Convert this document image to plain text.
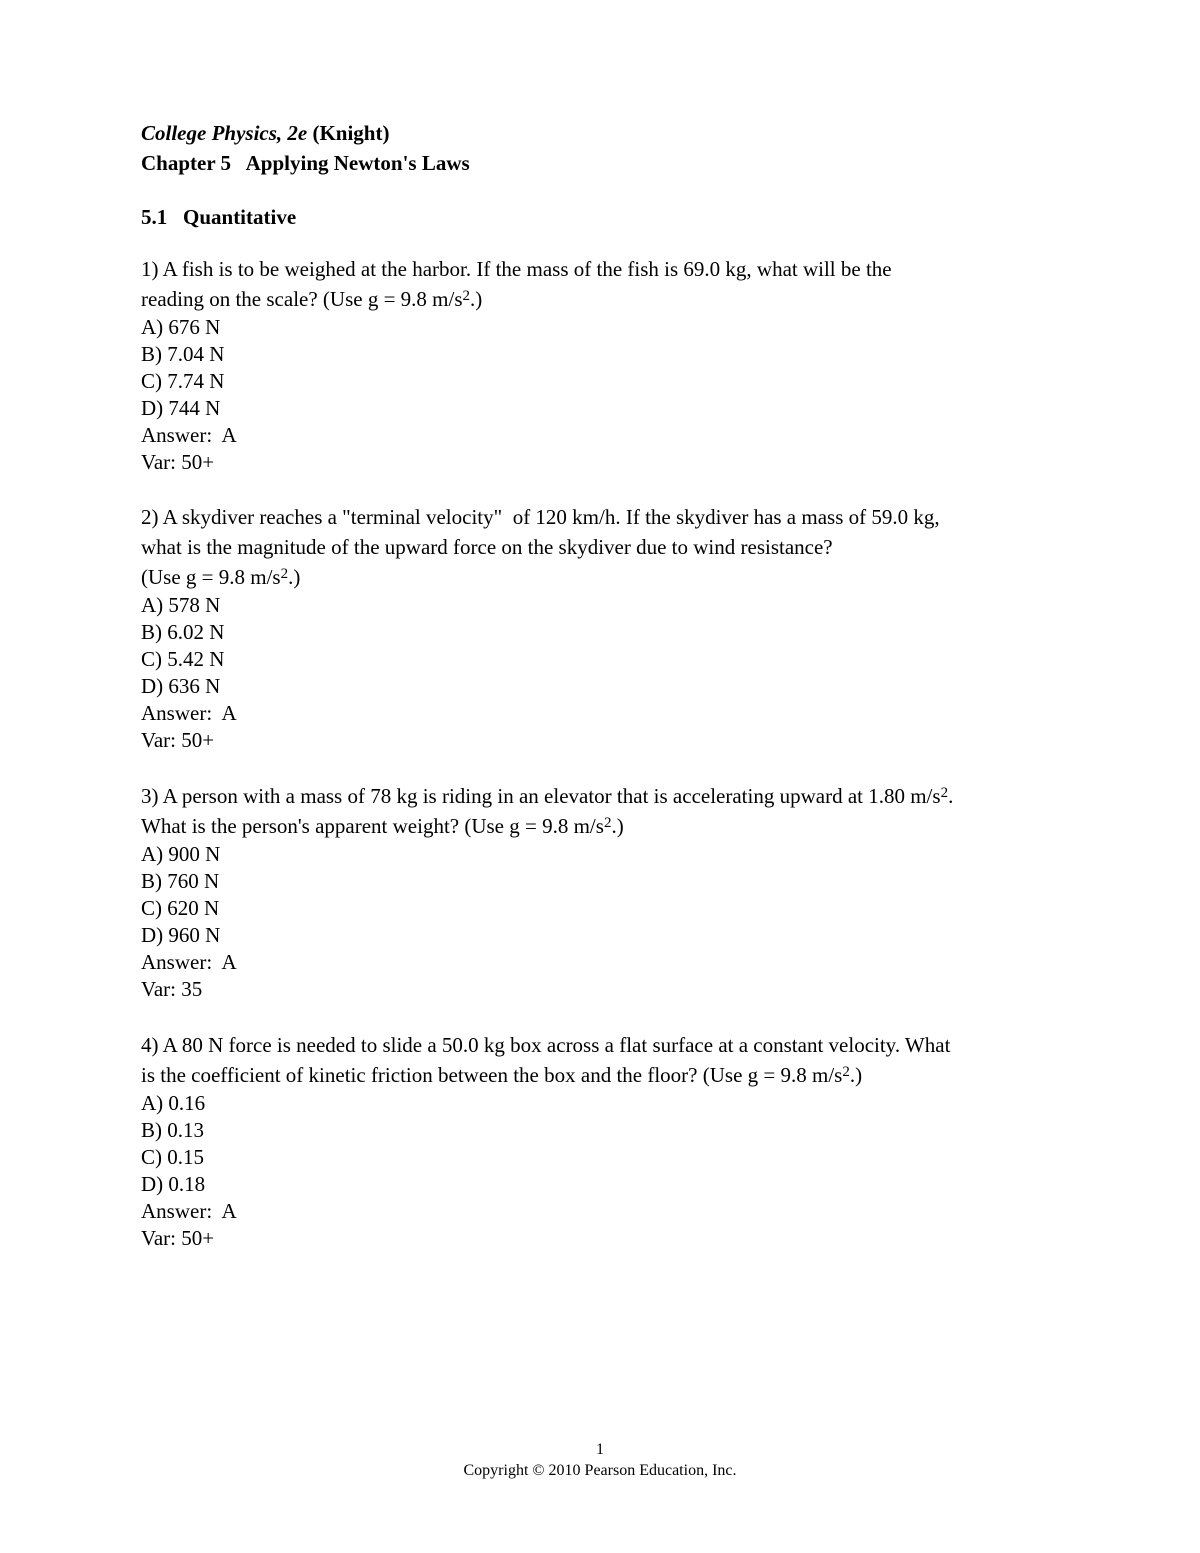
College Physics, 2e (Knight)
Chapter 5   Applying Newton's Laws
5.1   Quantitative
1) A fish is to be weighed at the harbor. If the mass of the fish is 69.0 kg, what will be the
reading on the scale? (Use g = 9.8 $m/s^2$.)
A) 676 N
B) 7.04 N
C) 7.74 N
D) 744 N
Answer:  A
Var: 50+
2) A skydiver reaches a "terminal velocity"  of 120 km/h. If the skydiver has a mass of 59.0 kg,
what is the magnitude of the upward force on the skydiver due to wind resistance?
(Use g = 9.8 $m/s^2$.)
A) 578 N
B) 6.02 N
C) 5.42 N
D) 636 N
Answer:  A
Var: 50+
3) A person with a mass of 78 kg is riding in an elevator that is accelerating upward at 1.80 $m/s^2$.
What is the person's apparent weight? (Use g = 9.8 $m/s^2$.)
A) 900 N
B) 760 N
C) 620 N
D) 960 N
Answer:  A
Var: 35
4) A 80 N force is needed to slide a 50.0 kg box across a flat surface at a constant velocity. What
is the coefficient of kinetic friction between the box and the floor? (Use g = 9.8 $m/s^2$.)
A) 0.16
B) 0.13
C) 0.15
D) 0.18
Answer:  A
Var: 50+
1
Copyright © 2010 Pearson Education, Inc.
